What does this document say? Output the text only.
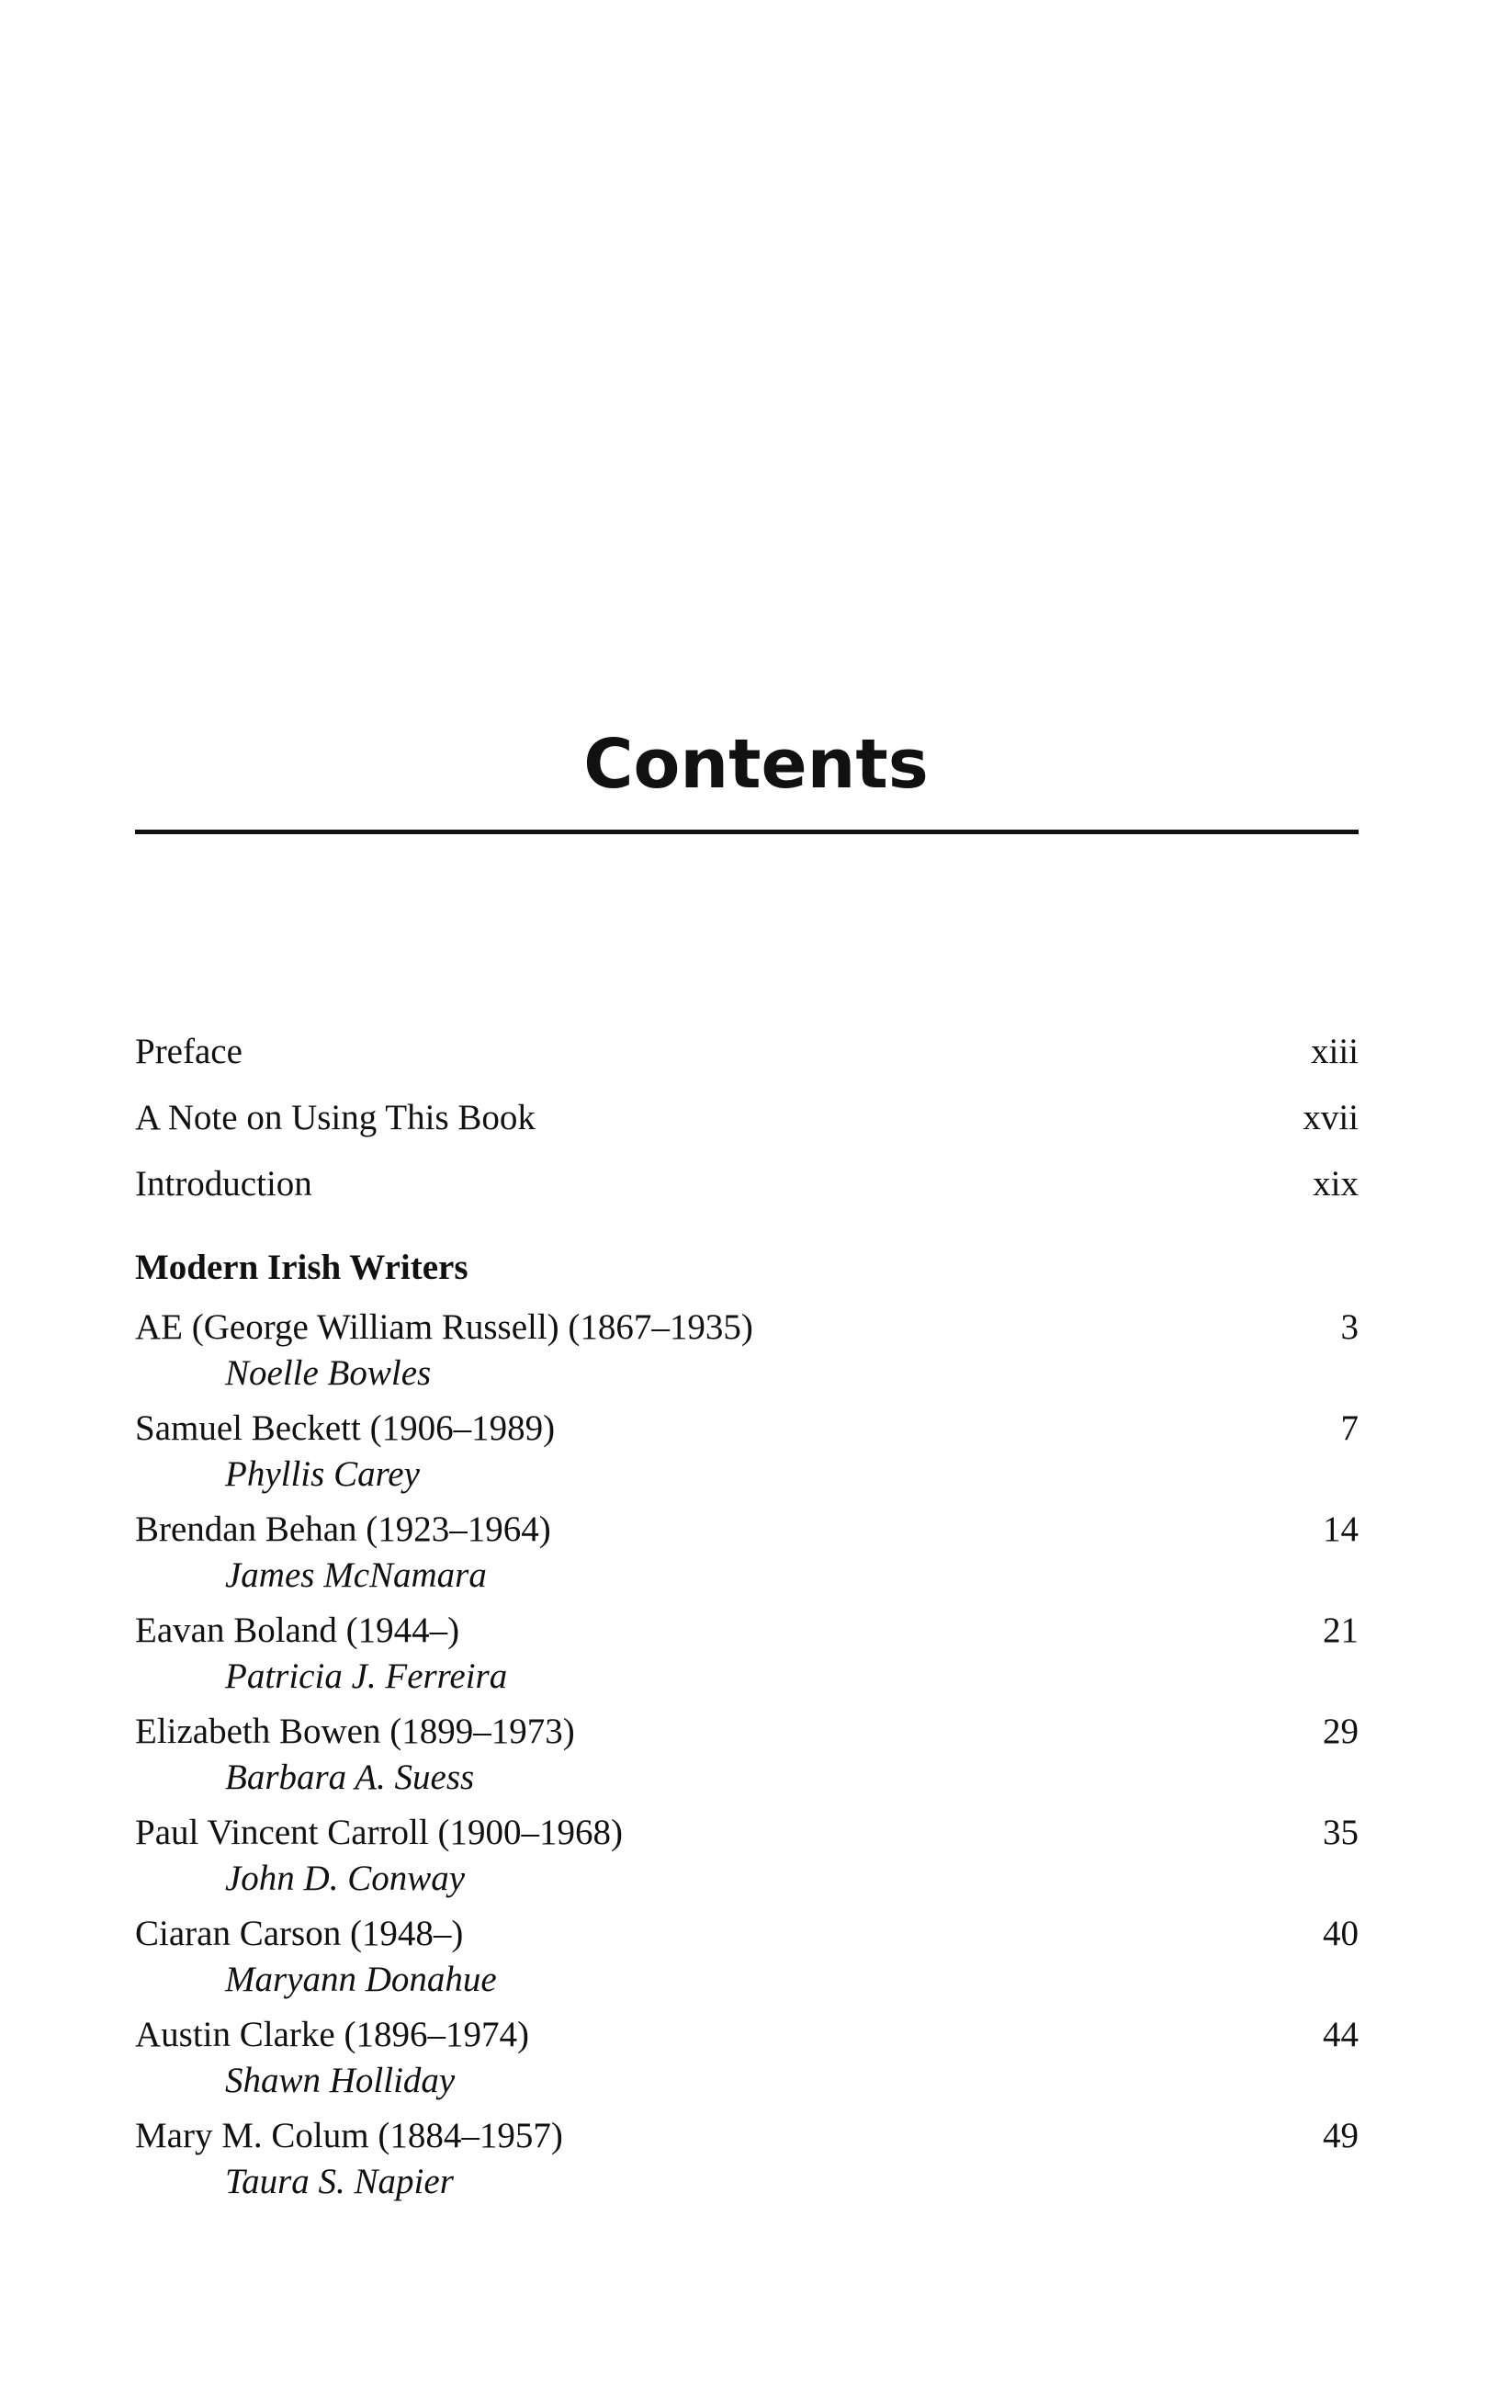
Contents
Preface	xiii
A Note on Using This Book	xvii
Introduction	xix
Modern Irish Writers
AE (George William Russell) (1867–1935)	3
Noelle Bowles
Samuel Beckett (1906–1989)	7
Phyllis Carey
Brendan Behan (1923–1964)	14
James McNamara
Eavan Boland (1944–)	21
Patricia J. Ferreira
Elizabeth Bowen (1899–1973)	29
Barbara A. Suess
Paul Vincent Carroll (1900–1968)	35
John D. Conway
Ciaran Carson (1948–)	40
Maryann Donahue
Austin Clarke (1896–1974)	44
Shawn Holliday
Mary M. Colum (1884–1957)	49
Taura S. Napier
